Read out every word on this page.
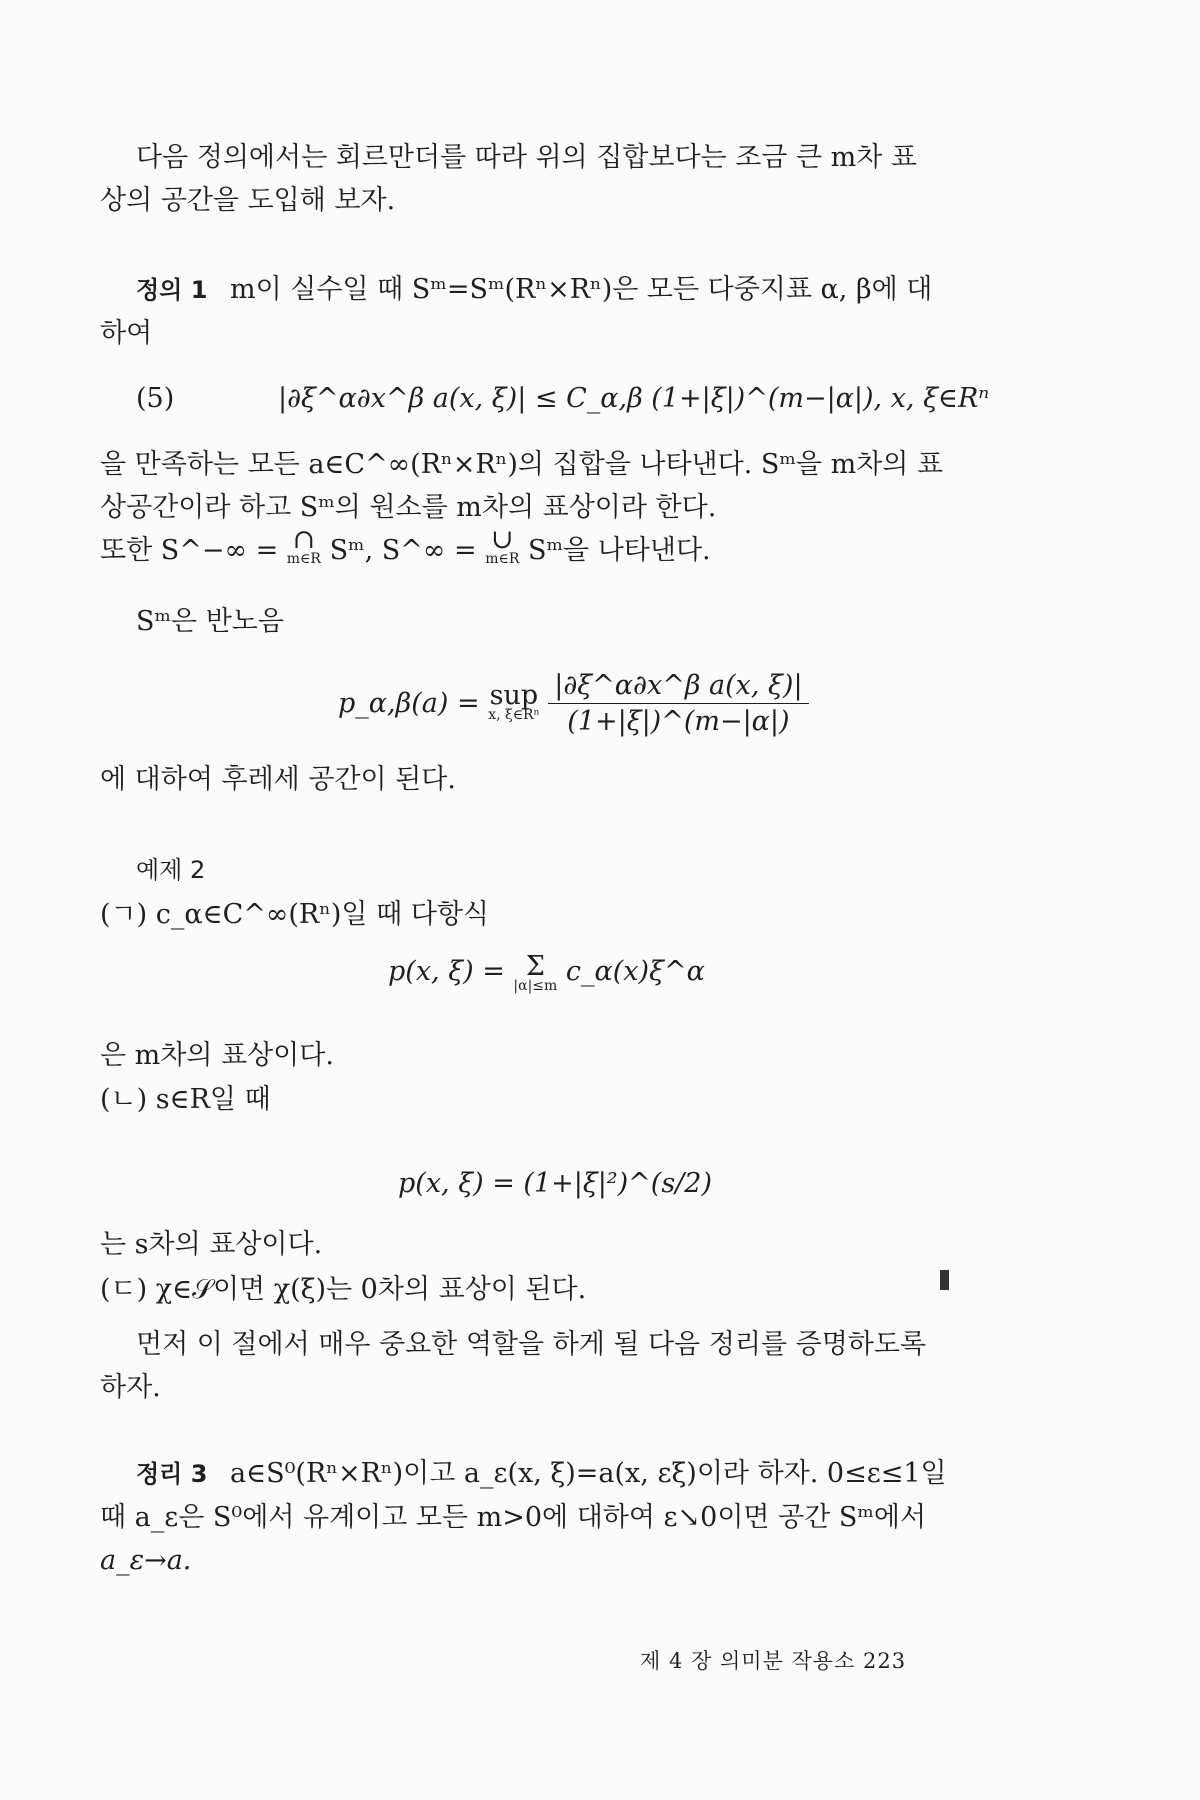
다음 정의에서는 회르만더를 따라 위의 집합보다는 조금 큰 m차 표
상의 공간을 도입해 보자.
정의 1 m이 실수일 때 Sᵐ=Sᵐ(Rⁿ×Rⁿ)은 모든 다중지표 α, β에 대
하여
(5)	|∂ξ^α∂x^β a(x, ξ)| ≤ C_α,β (1+|ξ|)^(m−|α|), x, ξ∈Rⁿ
을 만족하는 모든 a∈C^∞(Rⁿ×Rⁿ)의 집합을 나타낸다. Sᵐ을 m차의 표
상공간이라 하고 Sᵐ의 원소를 m차의 표상이라 한다.
또한 S^−∞ = ∩
m∈R Sᵐ, S^∞ = ∪
m∈R Sᵐ을 나타낸다.
Sᵐ은 반노음
p_α,β(a) = sup
x, ξ∈Rⁿ
$\frac{\text{|∂ξ\textasciicircum{}α∂x\textasciicircum{}β a(x, ξ)|}}{(1+|\xi|)\^{}(m-|\alpha|)}$
에 대하여 후레세 공간이 된다.
예제 2
(ㄱ) c_α∈C^∞(Rⁿ)일 때 다항식
p(x, ξ) = Σ
|α|≤m c_α(x)ξ^α
은 m차의 표상이다.
(ㄴ) s∈R일 때
p(x, ξ) = (1+|ξ|²)^(s/2)
는 s차의 표상이다.
(ㄷ) χ∈𝒮이면 χ(ξ)는 0차의 표상이 된다.
먼저 이 절에서 매우 중요한 역할을 하게 될 다음 정리를 증명하도록
하자.
정리 3 a∈S⁰(Rⁿ×Rⁿ)이고 a_ε(x, ξ)=a(x, εξ)이라 하자. 0≤ε≤1일
때 a_ε은 S⁰에서 유계이고 모든 m>0에 대하여 ε↘0이면 공간 Sᵐ에서
a_ε→a.
제 4 장 의미분 작용소 223
